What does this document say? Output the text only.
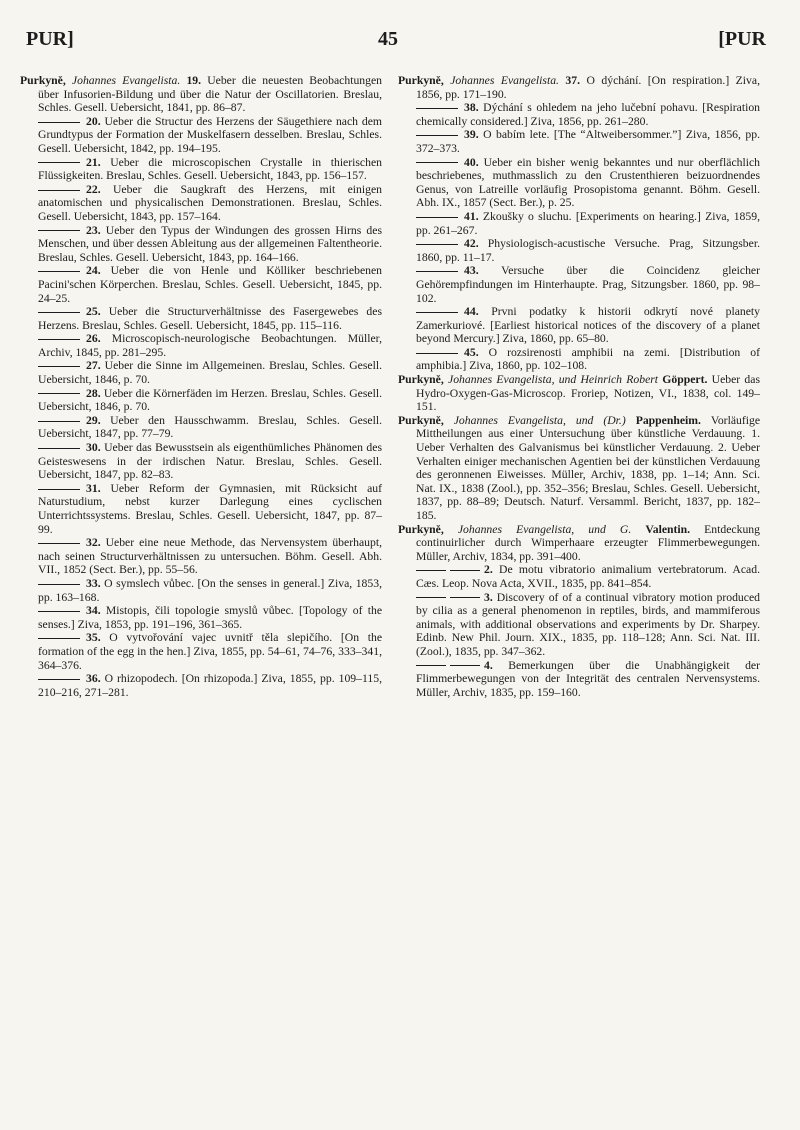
PUR]	45	[PUR

Purkyně, Johannes Evangelista. 19. Ueber die neuesten Beobachtungen über Infusorien-Bildung und über die Natur der Oscillatorien. Breslau, Schles. Gesell. Uebersicht, 1841, pp. 86–87.

20. Ueber die Structur des Herzens der Säugethiere nach dem Grundtypus der Formation der Muskelfasern desselben. Breslau, Schles. Gesell. Uebersicht, 1842, pp. 194–195.

21. Ueber die microscopischen Crystalle in thierischen Flüssigkeiten. Breslau, Schles. Gesell. Uebersicht, 1843, pp. 156–157.

22. Ueber die Saugkraft des Herzens, mit einigen anatomischen und physicalischen Demonstrationen. Breslau, Schles. Gesell. Uebersicht, 1843, pp. 157–164.

23. Ueber den Typus der Windungen des grossen Hirns des Menschen, und über dessen Ableitung aus der allgemeinen Faltentheorie. Breslau, Schles. Gesell. Uebersicht, 1843, pp. 164–166.

24. Ueber die von Henle und Kölliker beschriebenen Pacini'schen Körperchen. Breslau, Schles. Gesell. Uebersicht, 1845, pp. 24–25.

25. Ueber die Structurverhältnisse des Fasergewebes des Herzens. Breslau, Schles. Gesell. Uebersicht, 1845, pp. 115–116.

26. Microscopisch-neurologische Beobachtungen. Müller, Archiv, 1845, pp. 281–295.

27. Ueber die Sinne im Allgemeinen. Breslau, Schles. Gesell. Uebersicht, 1846, p. 70.

28. Ueber die Körnerfäden im Herzen. Breslau, Schles. Gesell. Uebersicht, 1846, p. 70.

29. Ueber den Hausschwamm. Breslau, Schles. Gesell. Uebersicht, 1847, pp. 77–79.

30. Ueber das Bewusstsein als eigenthümliches Phänomen des Geisteswesens in der irdischen Natur. Breslau, Schles. Gesell. Uebersicht, 1847, pp. 82–83.

31. Ueber Reform der Gymnasien, mit Rücksicht auf Naturstudium, nebst kurzer Darlegung eines cyclischen Unterrichtssystems. Breslau, Schles. Gesell. Uebersicht, 1847, pp. 87–99.

32. Ueber eine neue Methode, das Nervensystem überhaupt, nach seinen Structurverhältnissen zu untersuchen. Böhm. Gesell. Abh. VII., 1852 (Sect. Ber.), pp. 55–56.

33. O symslech vůbec. [On the senses in general.] Ziva, 1853, pp. 163–168.

34. Mistopis, čili topologie smyslů vůbec. [Topology of the senses.] Ziva, 1853, pp. 191–196, 361–365.

35. O vytvořování vajec uvnitř těla slepičího. [On the formation of the egg in the hen.] Ziva, 1855, pp. 54–61, 74–76, 333–341, 364–376.

36. O rhizopodech. [On rhizopoda.] Ziva, 1855, pp. 109–115, 210–216, 271–281.

Purkyně, Johannes Evangelista. 37. O dýchání. [On respiration.] Ziva, 1856, pp. 171–190.

38. Dýchání s ohledem na jeho lučební pohavu. [Respiration chemically considered.] Ziva, 1856, pp. 261–280.

39. O babím lete. [The “Altweibersommer.”] Ziva, 1856, pp. 372–373.

40. Ueber ein bisher wenig bekanntes und nur oberflächlich beschriebenes, muthmasslich zu den Crustenthieren beizuordnendes Genus, von Latreille vorläufig Prosopistoma genannt. Böhm. Gesell. Abh. IX., 1857 (Sect. Ber.), p. 25.

41. Zkoušky o sluchu. [Experiments on hearing.] Ziva, 1859, pp. 261–267.

42. Physiologisch-acustische Versuche. Prag, Sitzungsber. 1860, pp. 11–17.

43. Versuche über die Coincidenz gleicher Gehörempfindungen im Hinterhaupte. Prag, Sitzungsber. 1860, pp. 98–102.

44. Prvni podatky k historii odkrytí nové planety Zamerkuriové. [Earliest historical notices of the discovery of a planet beyond Mercury.] Ziva, 1860, pp. 65–80.

45. O rozsirenosti amphibii na zemi. [Distribution of amphibia.] Ziva, 1860, pp. 102–108.

Purkyně, Johannes Evangelista, und Heinrich Robert Göppert. Ueber das Hydro-Oxygen-Gas-Microscop. Froriep, Notizen, VI., 1838, col. 149–151.

Purkyně, Johannes Evangelista, und (Dr.) Pappenheim. Vorläufige Mittheilungen aus einer Untersuchung über künstliche Verdauung. 1. Ueber Verhalten des Galvanismus bei künstlicher Verdauung. 2. Ueber Verhalten einiger mechanischen Agentien bei der künstlichen Verdauung des geronnenen Eiweisses. Müller, Archiv, 1838, pp. 1–14; Ann. Sci. Nat. IX., 1838 (Zool.), pp. 352–356; Breslau, Schles. Gesell. Uebersicht, 1837, pp. 88–89; Deutsch. Naturf. Versamml. Bericht, 1837, pp. 182–185.

Purkyně, Johannes Evangelista, und G. Valentin. Entdeckung continuirlicher durch Wimperhaare erzeugter Flimmerbewegungen. Müller, Archiv, 1834, pp. 391–400.

2. De motu vibratorio animalium vertebratorum. Acad. Cæs. Leop. Nova Acta, XVII., 1835, pp. 841–854.

3. Discovery of of a continual vibratory motion produced by cilia as a general phenomenon in reptiles, birds, and mammiferous animals, with additional observations and experiments by Dr. Sharpey. Edinb. New Phil. Journ. XIX., 1835, pp. 118–128; Ann. Sci. Nat. III. (Zool.), 1835, pp. 347–362.

4. Bemerkungen über die Unabhängigkeit der Flimmerbewegungen von der Integrität des centralen Nervensystems. Müller, Archiv, 1835, pp. 159–160.
